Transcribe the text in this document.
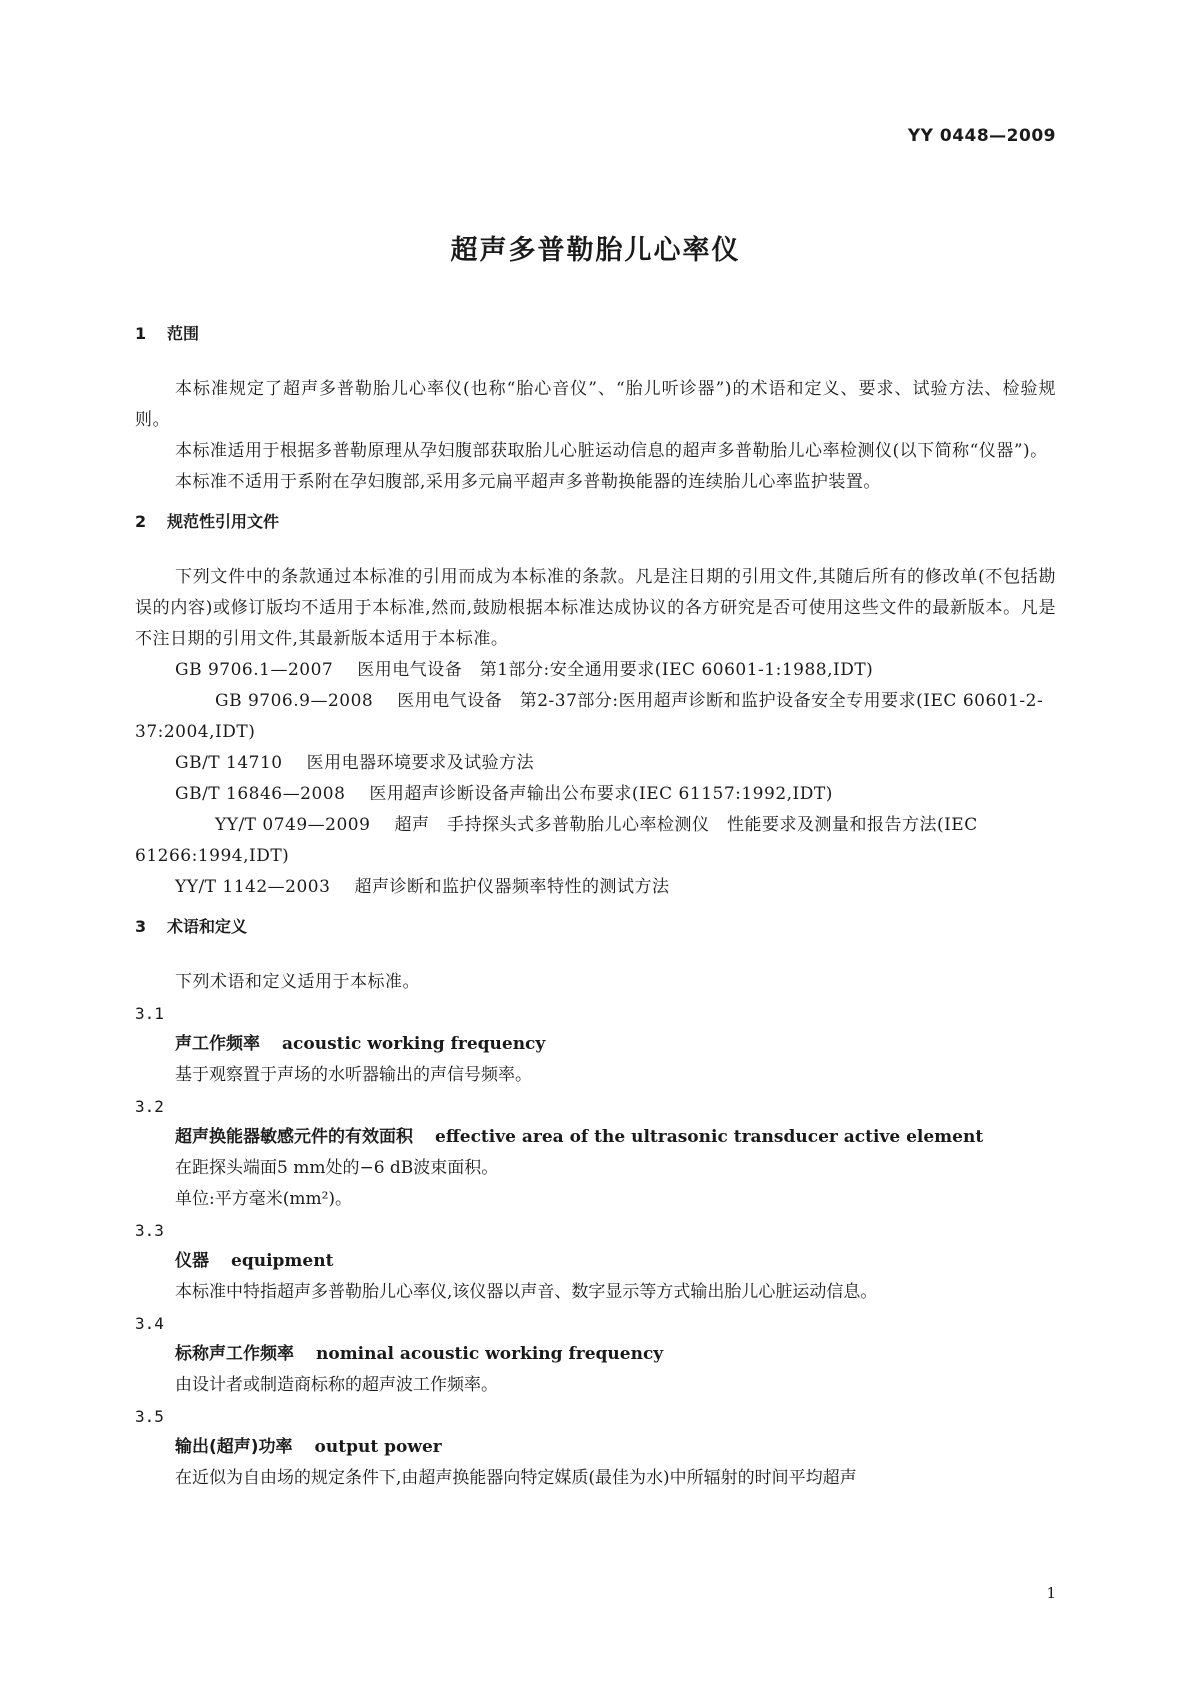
YY 0448—2009
超声多普勒胎儿心率仪
1 范围

本标准规定了超声多普勒胎儿心率仪(也称“胎心音仪”、“胎儿听诊器”)的术语和定义、要求、试验方法、检验规则。

本标准适用于根据多普勒原理从孕妇腹部获取胎儿心脏运动信息的超声多普勒胎儿心率检测仪(以下简称“仪器”)。

本标准不适用于系附在孕妇腹部,采用多元扁平超声多普勒换能器的连续胎儿心率监护装置。

2 规范性引用文件

下列文件中的条款通过本标准的引用而成为本标准的条款。凡是注日期的引用文件,其随后所有的修改单(不包括勘误的内容)或修订版均不适用于本标准,然而,鼓励根据本标准达成协议的各方研究是否可使用这些文件的最新版本。凡是不注日期的引用文件,其最新版本适用于本标准。

GB 9706.1—2007 医用电气设备　第1部分:安全通用要求(IEC 60601-1:1988,IDT)

GB 9706.9—2008 医用电气设备　第2-37部分:医用超声诊断和监护设备安全专用要求(IEC 60601-2-37:2004,IDT)

GB/T 14710 医用电器环境要求及试验方法

GB/T 16846—2008 医用超声诊断设备声输出公布要求(IEC 61157:1992,IDT)

YY/T 0749—2009 超声　手持探头式多普勒胎儿心率检测仪　性能要求及测量和报告方法(IEC 61266:1994,IDT)

YY/T 1142—2003 超声诊断和监护仪器频率特性的测试方法

3 术语和定义

下列术语和定义适用于本标准。

3.1

声工作频率 acoustic working frequency

基于观察置于声场的水听器输出的声信号频率。

3.2

超声换能器敏感元件的有效面积 effective area of the ultrasonic transducer active element

在距探头端面5 mm处的−6 dB波束面积。

单位:平方毫米(mm²)。

3.3

仪器 equipment

本标准中特指超声多普勒胎儿心率仪,该仪器以声音、数字显示等方式输出胎儿心脏运动信息。

3.4

标称声工作频率 nominal acoustic working frequency

由设计者或制造商标称的超声波工作频率。

3.5

输出(超声)功率 output power

在近似为自由场的规定条件下,由超声换能器向特定媒质(最佳为水)中所辐射的时间平均超声

1
